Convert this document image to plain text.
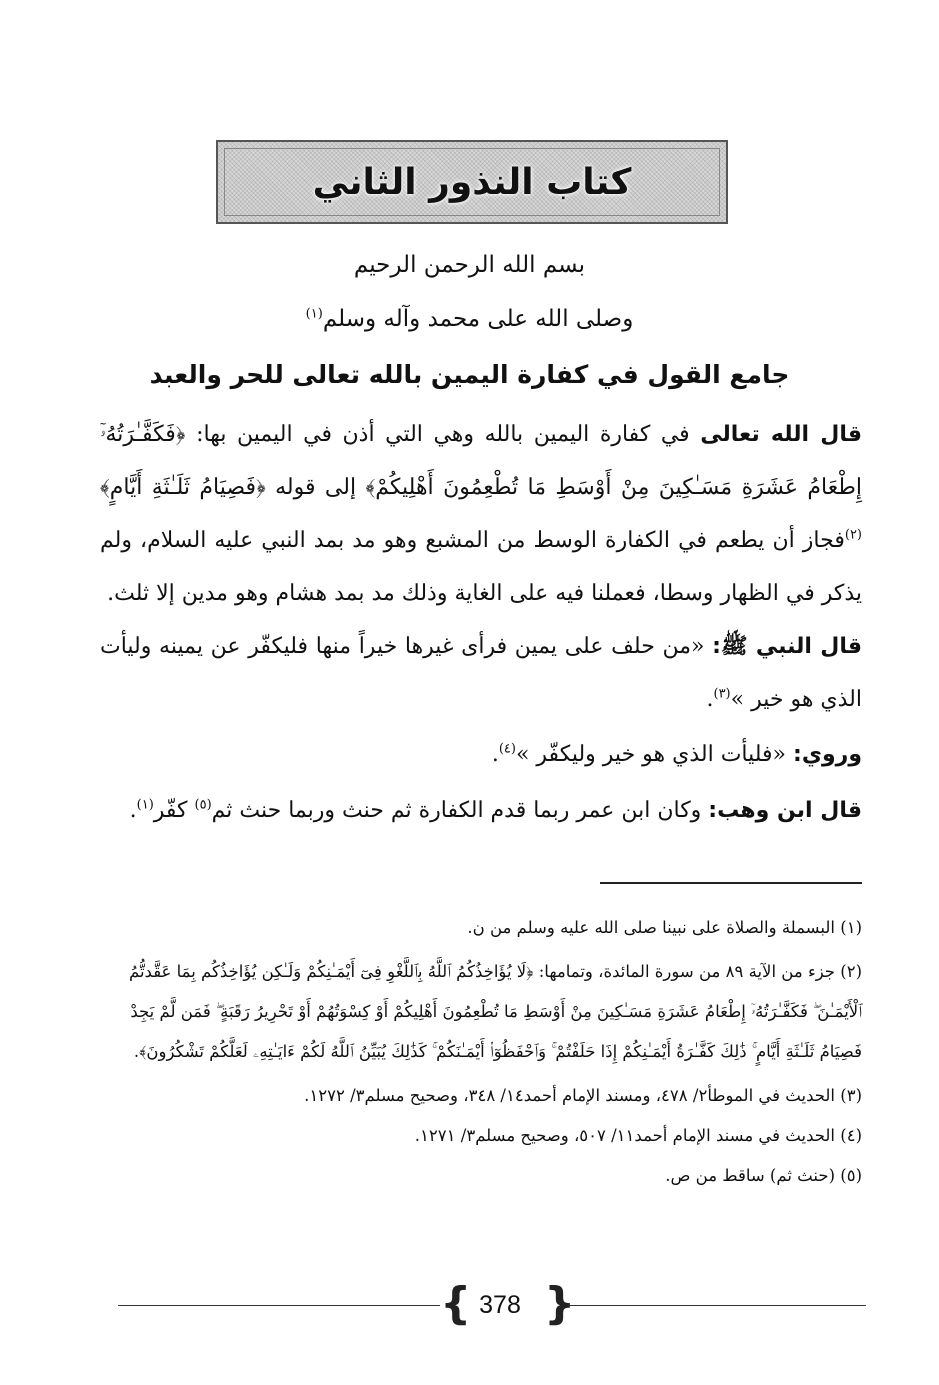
كتاب النذور الثاني
بسم الله الرحمن الرحيم
وصلى الله على محمد وآله وسلم$^{(١)}$
جامع القول في كفارة اليمين بالله تعالى للحر والعبد
قال الله تعالى في كفارة اليمين بالله وهي التي أذن في اليمين بها: ﴿فَكَفَّـٰرَتُهُۥٓ إِطْعَامُ عَشَرَةِ مَسَـٰكِينَ مِنْ أَوْسَطِ مَا تُطْعِمُونَ أَهْلِيكُمْ﴾ إلى قوله ﴿فَصِيَامُ ثَلَـٰثَةِ أَيَّامٍ﴾$^{(٢)}$فجاز أن يطعم في الكفارة الوسط من المشبع وهو مد بمد النبي عليه السلام، ولم يذكر في الظهار وسطا، فعملنا فيه على الغاية وذلك مد بمد هشام وهو مدين إلا ثلث.
قال النبي ﷺ: «من حلف على يمين فرأى غيرها خيراً منها فليكفّر عن يمينه وليأت الذي هو خير »$^{(٣)}$.
وروي: «فليأت الذي هو خير وليكفّر »$^{(٤)}$.
قال ابن وهب: وكان ابن عمر ربما قدم الكفارة ثم حنث وربما حنث ثم$^{(٥)}$ كفّر$^{(١)}$.
(١) البسملة والصلاة على نبينا صلى الله عليه وسلم من ن.
(٢) جزء من الآية ٨٩ من سورة المائدة، وتمامها: ﴿لَا يُؤَاخِذُكُمُ ٱللَّهُ بِٱللَّغْوِ فِىٓ أَيْمَـٰنِكُمْ وَلَـٰكِن يُؤَاخِذُكُم بِمَا عَقَّدتُّمُ ٱلْأَيْمَـٰنَ ۖ فَكَفَّـٰرَتُهُۥٓ إِطْعَامُ عَشَرَةِ مَسَـٰكِينَ مِنْ أَوْسَطِ مَا تُطْعِمُونَ أَهْلِيكُمْ أَوْ كِسْوَتُهُمْ أَوْ تَحْرِيرُ رَقَبَةٍ ۖ فَمَن لَّمْ يَجِدْ فَصِيَامُ ثَلَـٰثَةِ أَيَّامٍ ۚ ذَٰلِكَ كَفَّـٰرَةُ أَيْمَـٰنِكُمْ إِذَا حَلَفْتُمْ ۚ وَٱحْفَظُوٓا۟ أَيْمَـٰنَكُمْ ۚ كَذَٰلِكَ يُبَيِّنُ ٱللَّهُ لَكُمْ ءَايَـٰتِهِۦ لَعَلَّكُمْ تَشْكُرُونَ﴾.
(٣) الحديث في الموطأ٢/ ٤٧٨، ومسند الإمام أحمد١٤/ ٣٤٨، وصحيح مسلم٣/ ١٢٧٢.
(٤) الحديث في مسند الإمام أحمد١١/ ٥٠٧، وصحيح مسلم٣/ ١٢٧١.
(٥) (حنث ثم) ساقط من ص.
{ }
378
